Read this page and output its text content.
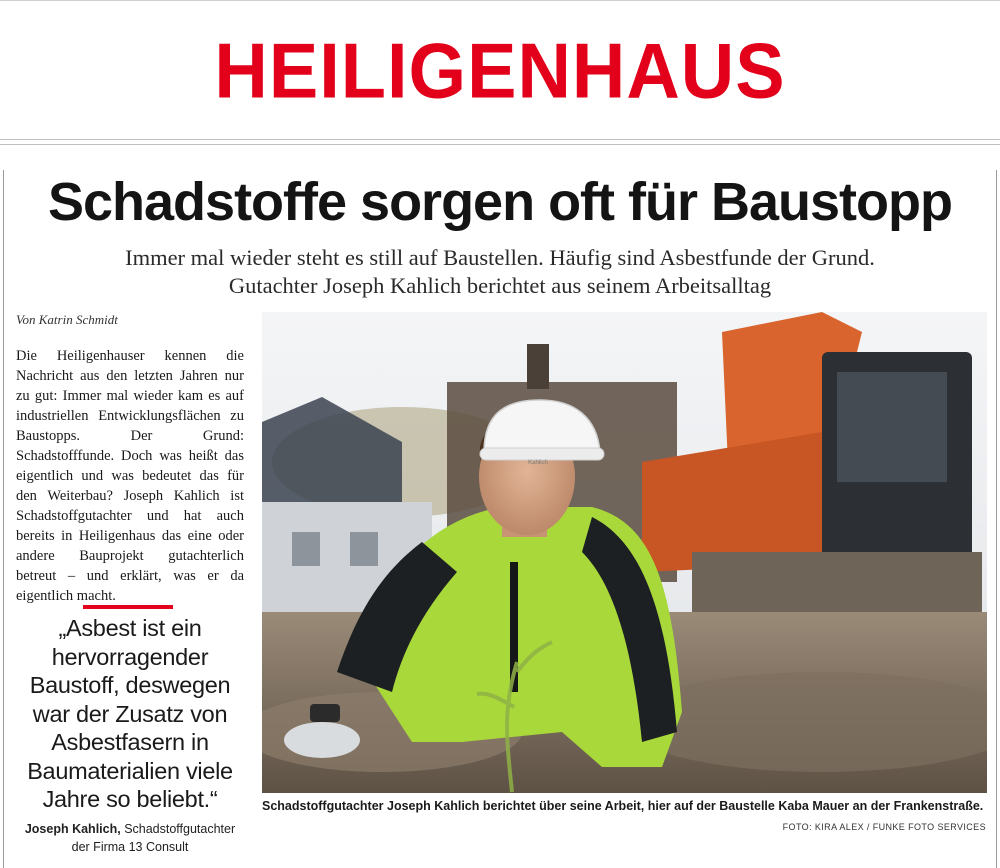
HEILIGENHAUS
Schadstoffe sorgen oft für Baustopp
Immer mal wieder steht es still auf Baustellen. Häufig sind Asbestfunde der Grund.
Gutachter Joseph Kahlich berichtet aus seinem Arbeitsalltag
Von Katrin Schmidt

Die Heiligenhauser kennen die Nachricht aus den letzten Jahren nur zu gut: Immer mal wieder kam es auf industriellen Entwicklungsflächen zu Baustopps. Der Grund: Schadstofffunde. Doch was heißt das eigentlich und was bedeutet das für den Weiterbau? Joseph Kahlich ist Schadstoffgutachter und hat auch bereits in Heiligenhaus das eine oder andere Bauprojekt gutachterlich betreut – und erklärt, was er da eigentlich macht.

„Asbest ist ein hervorragender Baustoff, deswegen war der Zusatz von Asbestfasern in Baumaterialien viele Jahre so beliebt.“
Joseph Kahlich, Schadstoffgutachter
der Firma 13 Consult
Kahlich
Schadstoffgutachter Joseph Kahlich berichtet über seine Arbeit, hier auf der Baustelle Kaba Mauer an der Frankenstraße.
FOTO: KIRA ALEX / FUNKE FOTO SERVICES
